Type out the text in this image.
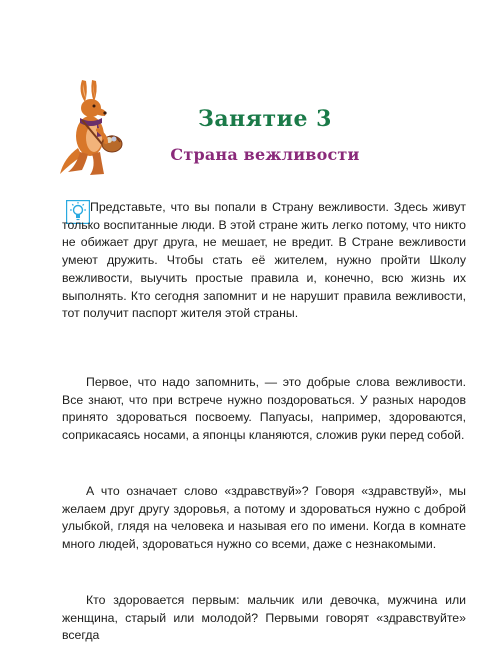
Занятие 3
Страна вежливости

Представьте, что вы попали в Страну вежливости. Здесь живут только воспитанные люди. В этой стране жить легко потому, что никто не обижает друг друга, не мешает, не вредит. В Стране вежливости умеют дружить. Чтобы стать её жителем, нужно пройти Школу вежливости, выучить простые правила и, конечно, всю жизнь их выполнять. Кто сегодня запомнит и не нарушит правила вежливости, тот получит паспорт жителя этой страны.

Первое, что надо запомнить, — это добрые слова вежливости. Все знают, что при встрече нужно поздороваться. У разных народов принято здороваться посвоему. Папуасы, например, здороваются, соприкасаясь носами, а японцы кланяются, сложив руки перед собой.

А что означает слово «здравствуй»? Говоря «здравствуй», мы желаем друг другу здоровья, а потому и здороваться нужно с доброй улыбкой, глядя на человека и называя его по имени. Когда в комнате много людей, здороваться нужно со всеми, даже с незнакомыми.

Кто здоровается первым: мальчик или девочка, мужчина или женщина, старый или молодой? Первыми говорят «здравствуйте» всегда
